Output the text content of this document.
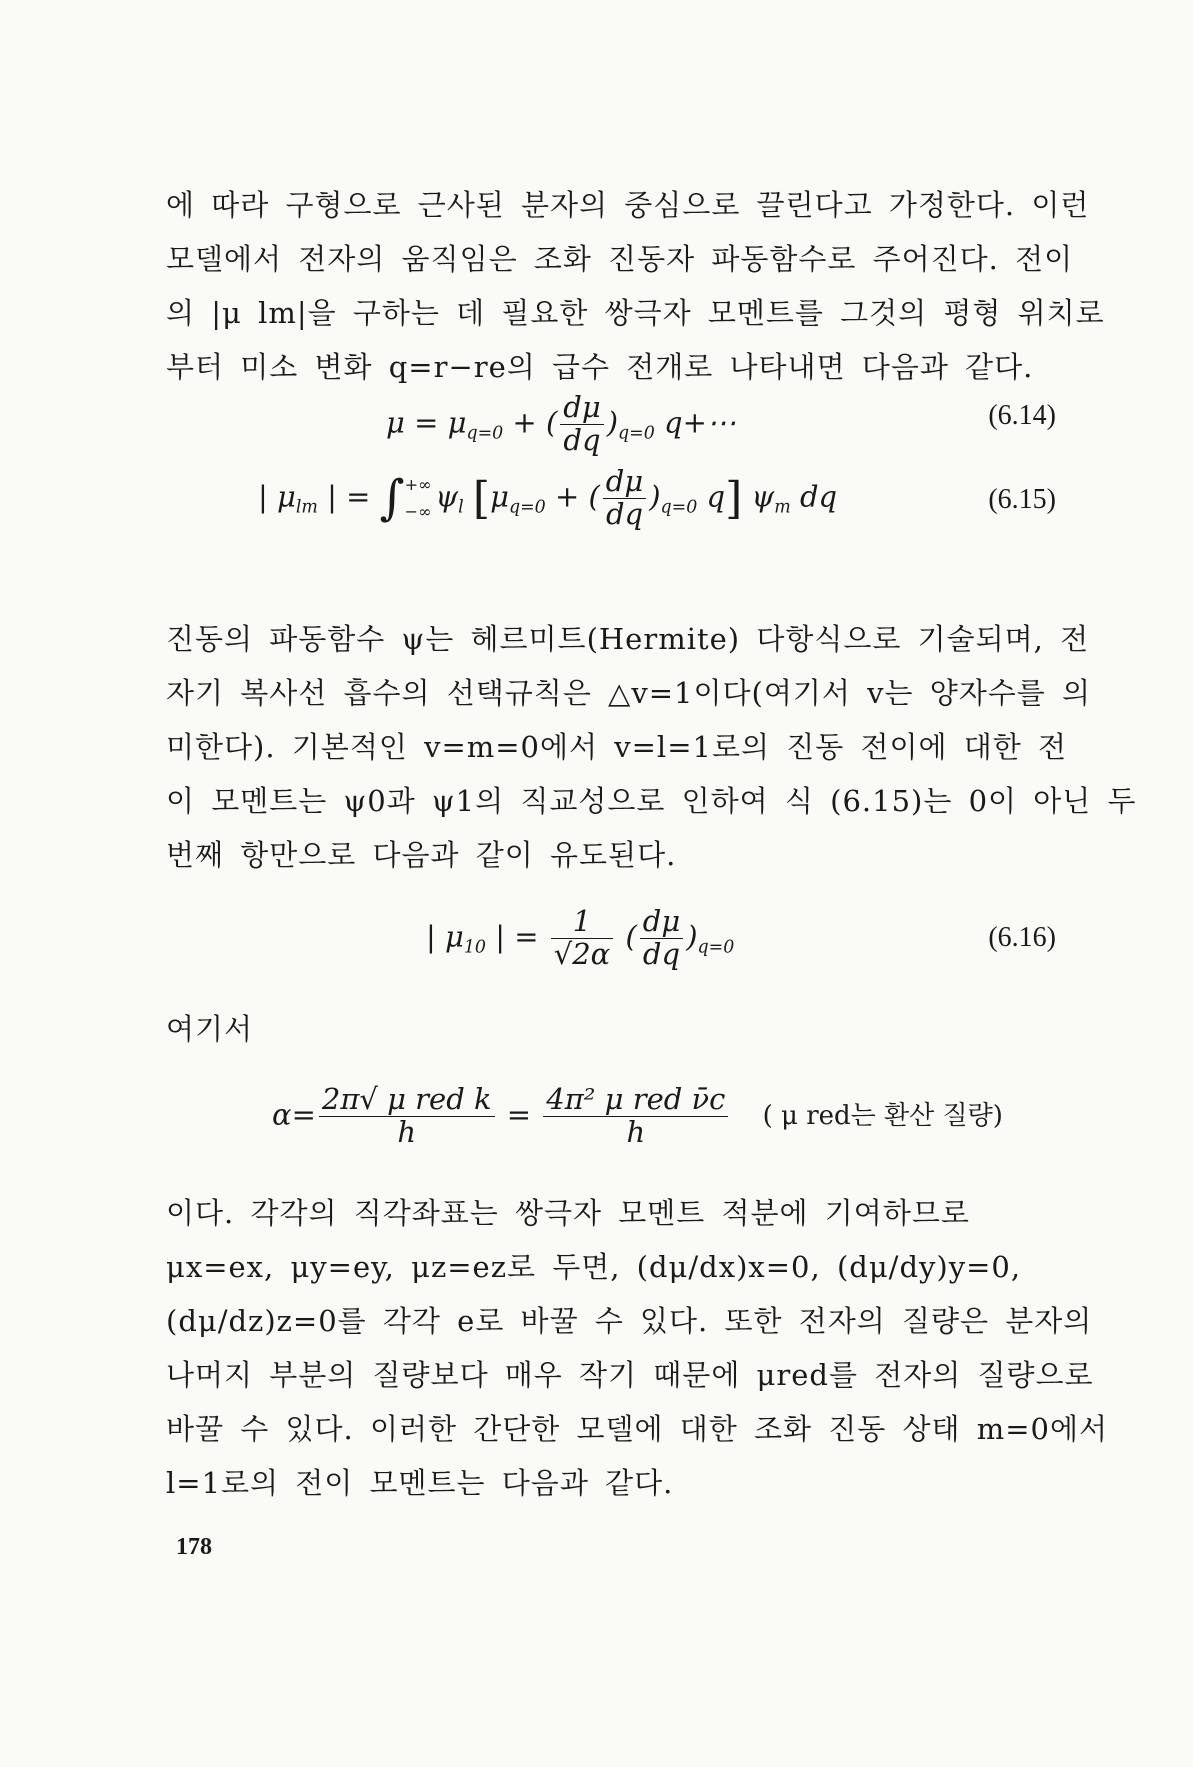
에 따라 구형으로 근사된 분자의 중심으로 끌린다고 가정한다. 이런
모델에서 전자의 움직임은 조화 진동자 파동함수로 주어진다. 전이
의 |μ lm|을 구하는 데 필요한 쌍극자 모멘트를 그것의 평형 위치로
부터 미소 변화 q=r−re의 급수 전개로 나타내면 다음과 같다.
$\mu = \mu_{q=0}$ + ( $\frac{d\mu}{dq} )_{q=0}$ q+⋯	(6.14)
| $\mu_{lm}$ | = ∫ +∞
−∞ $\psi_l$ [$\mu_{q=0}$ + ( $\frac{d\mu}{dq} )_{q=0}$ q] $\psi_m$ dq	(6.15)
진동의 파동함수 ψ는 헤르미트(Hermite) 다항식으로 기술되며, 전
자기 복사선 흡수의 선택규칙은 △v=1이다(여기서 v는 양자수를 의
미한다). 기본적인 v=m=0에서 v=l=1로의 진동 전이에 대한 전
이 모멘트는 ψ0과 ψ1의 직교성으로 인하여 식 (6.15)는 0이 아닌 두
번째 항만으로 다음과 같이 유도된다.
| $\mu_{10}$ | = $\frac{1}{√2\alpha}$ ( $\frac{d\mu}{dq} )_{q=0}$	(6.16)
여기서
$\alpha= \frac{\text{2π√ μ red k}}{h} = \frac{\text{4π² μ red ν̄c}}{h}$ ( μ red는 환산 질량)
이다. 각각의 직각좌표는 쌍극자 모멘트 적분에 기여하므로
μx=ex, μy=ey, μz=ez로 두면, (dμ/dx)x=0, (dμ/dy)y=0,
(dμ/dz)z=0를 각각 e로 바꿀 수 있다. 또한 전자의 질량은 분자의
나머지 부분의 질량보다 매우 작기 때문에 μred를 전자의 질량으로
바꿀 수 있다. 이러한 간단한 모델에 대한 조화 진동 상태 m=0에서
l=1로의 전이 모멘트는 다음과 같다.
178
